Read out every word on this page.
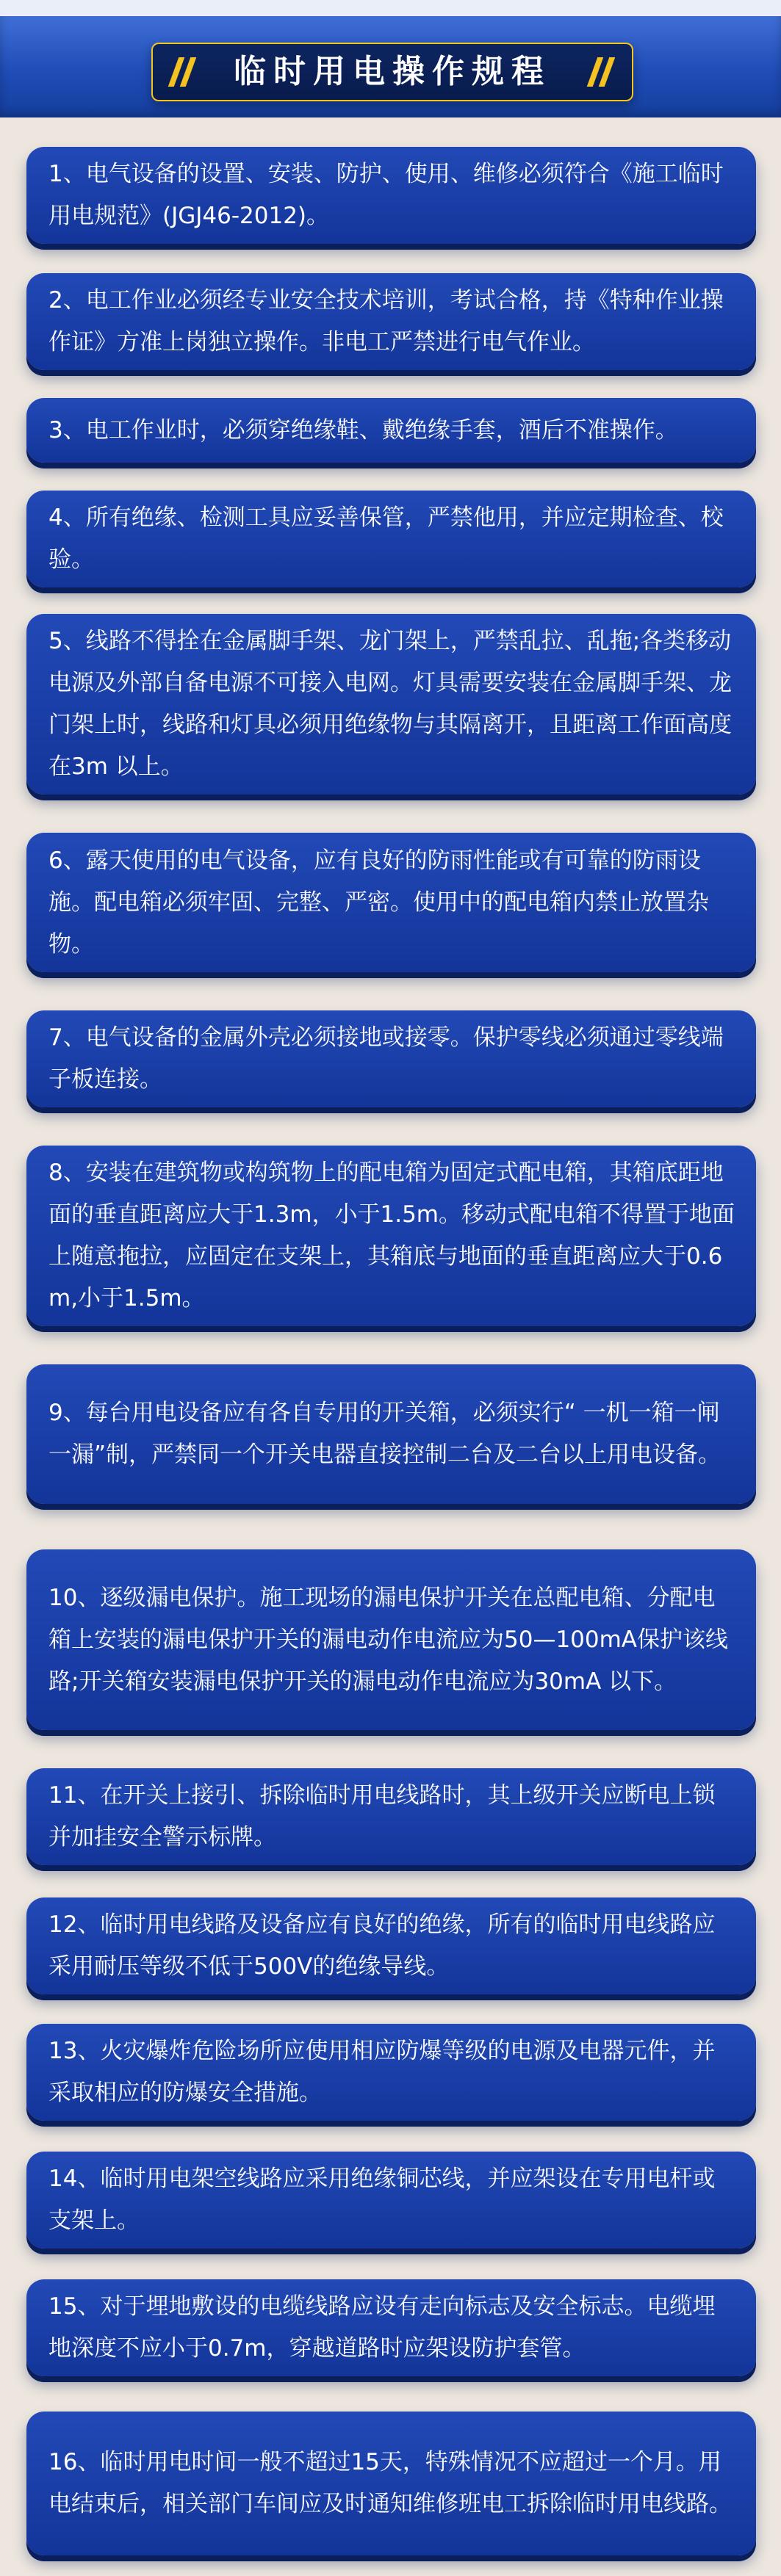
临时用电操作规程
1、电气设备的设置、安装、防护、使用、维修必须符合《施工临时用电规范》(JGJ46-2012)。
2、电工作业必须经专业安全技术培训，考试合格，持《特种作业操作证》方准上岗独立操作。非电工严禁进行电气作业。
3、电工作业时，必须穿绝缘鞋、戴绝缘手套，酒后不准操作。
4、所有绝缘、检测工具应妥善保管，严禁他用，并应定期检查、校验。
5、线路不得拴在金属脚手架、龙门架上，严禁乱拉、乱拖;各类移动电源及外部自备电源不可接入电网。灯具需要安装在金属脚手架、龙门架上时，线路和灯具必须用绝缘物与其隔离开，且距离工作面高度在3m 以上。
6、露天使用的电气设备，应有良好的防雨性能或有可靠的防雨设施。配电箱必须牢固、完整、严密。使用中的配电箱内禁止放置杂物。
7、电气设备的金属外壳必须接地或接零。保护零线必须通过零线端子板连接。
8、安装在建筑物或构筑物上的配电箱为固定式配电箱，其箱底距地面的垂直距离应大于1.3m，小于1.5m。移动式配电箱不得置于地面上随意拖拉，应固定在支架上，其箱底与地面的垂直距离应大于0.6m,小于1.5m。
9、每台用电设备应有各自专用的开关箱，必须实行“ 一机一箱一闸一漏”制，严禁同一个开关电器直接控制二台及二台以上用电设备。
10、逐级漏电保护。施工现场的漏电保护开关在总配电箱、分配电箱上安装的漏电保护开关的漏电动作电流应为50—100mA保护该线路;开关箱安装漏电保护开关的漏电动作电流应为30mA 以下。
11、在开关上接引、拆除临时用电线路时，其上级开关应断电上锁并加挂安全警示标牌。
12、临时用电线路及设备应有良好的绝缘，所有的临时用电线路应采用耐压等级不低于500V的绝缘导线。
13、火灾爆炸危险场所应使用相应防爆等级的电源及电器元件，并采取相应的防爆安全措施。
14、临时用电架空线路应采用绝缘铜芯线，并应架设在专用电杆或支架上。
15、对于埋地敷设的电缆线路应设有走向标志及安全标志。电缆埋地深度不应小于0.7m，穿越道路时应架设防护套管。
16、临时用电时间一般不超过15天，特殊情况不应超过一个月。用电结束后，相关部门车间应及时通知维修班电工拆除临时用电线路。
